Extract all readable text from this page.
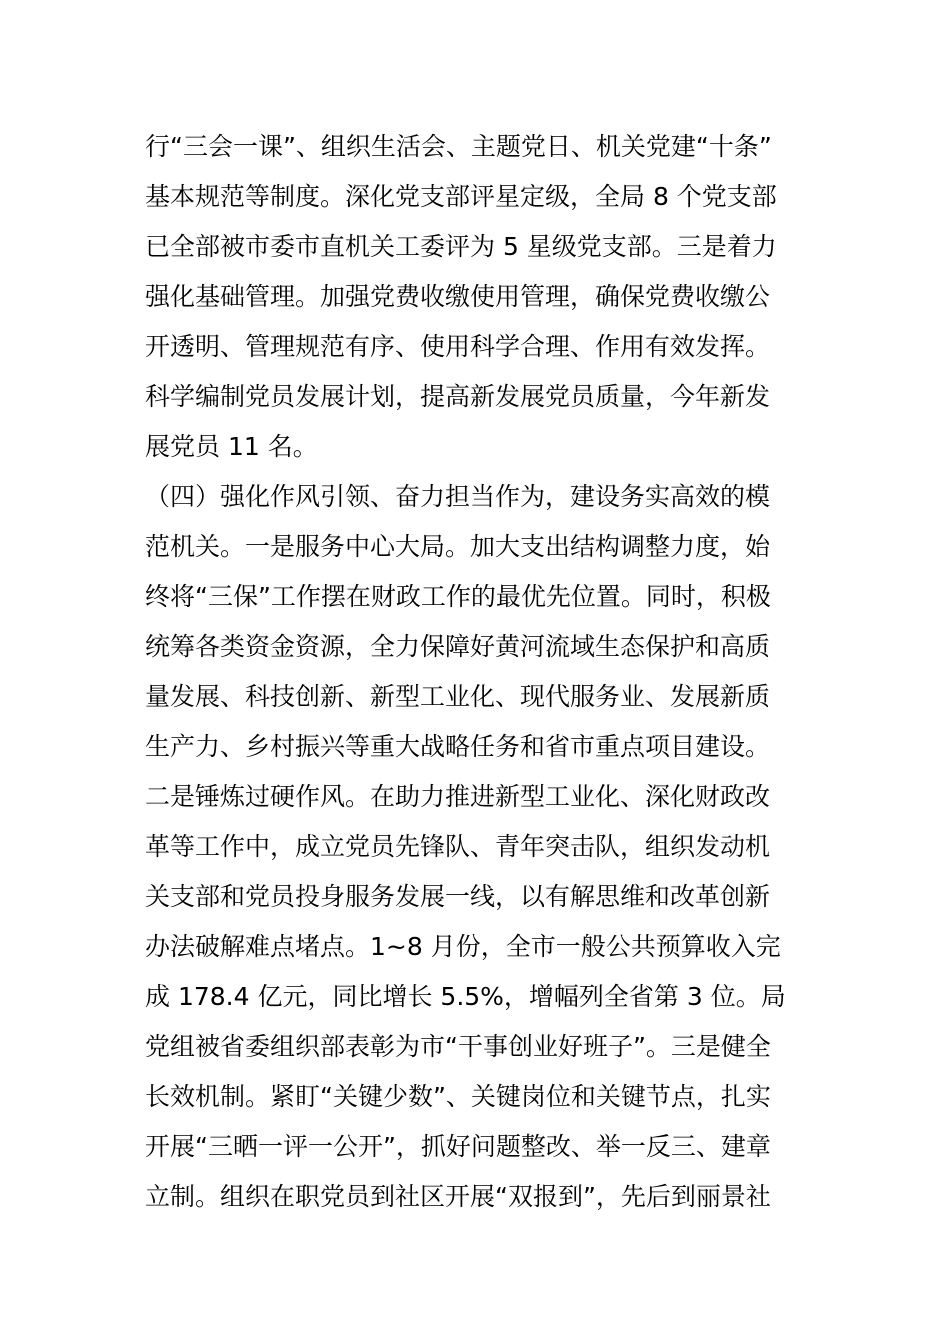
行“三会一课”、组织生活会、主题党日、机关党建“十条”
基本规范等制度。深化党支部评星定级，全局 8 个党支部
已全部被市委市直机关工委评为 5 星级党支部。三是着力
强化基础管理。加强党费收缴使用管理，确保党费收缴公
开透明、管理规范有序、使用科学合理、作用有效发挥。
科学编制党员发展计划，提高新发展党员质量，今年新发
展党员 11 名。
（四）强化作风引领、奋力担当作为，建设务实高效的模
范机关。一是服务中心大局。加大支出结构调整力度，始
终将“三保”工作摆在财政工作的最优先位置。同时，积极
统筹各类资金资源，全力保障好黄河流域生态保护和高质
量发展、科技创新、新型工业化、现代服务业、发展新质
生产力、乡村振兴等重大战略任务和省市重点项目建设。
二是锤炼过硬作风。在助力推进新型工业化、深化财政改
革等工作中，成立党员先锋队、青年突击队，组织发动机
关支部和党员投身服务发展一线，以有解思维和改革创新
办法破解难点堵点。1~8 月份，全市一般公共预算收入完
成 178.4 亿元，同比增长 5.5%，增幅列全省第 3 位。局
党组被省委组织部表彰为市“干事创业好班子”。三是健全
长效机制。紧盯“关键少数”、关键岗位和关键节点，扎实
开展“三晒一评一公开”，抓好问题整改、举一反三、建章
立制。组织在职党员到社区开展“双报到”，先后到丽景社
